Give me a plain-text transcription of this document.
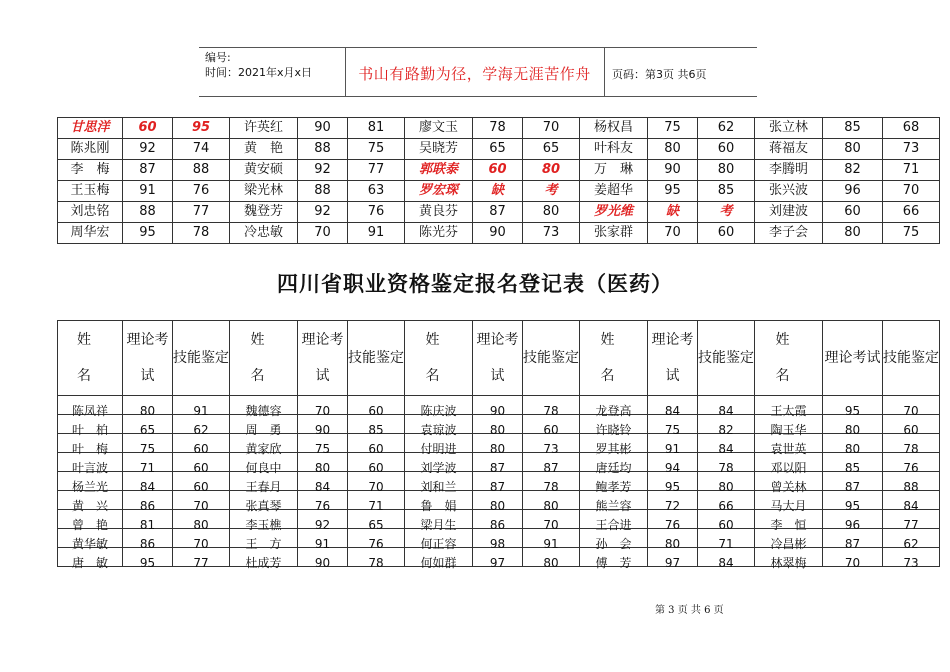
编号:
时间：2021年x月x日	书山有路勤为径，学海无涯苦作舟	页码：第3页 共6页
甘思洋	60	95	许英红	90	81	廖文玉	78	70	杨权昌	75	62	张立林	85	68
陈兆刚	92	74	黄　艳	88	75	吴晓芳	65	65	叶科友	80	60	蒋福友	80	73
李　梅	87	88	黄安硕	92	77	郭联泰	60	80	万　琳	90	80	李腾明	82	71
王玉梅	91	76	梁光林	88	63	罗宏琛	缺	考	姜超华	95	85	张兴波	96	70
刘忠铭	88	77	魏登芳	92	76	黄良芬	87	80	罗光维	缺	考	刘建波	60	66
周华宏	95	78	冷忠敏	70	91	陈光芬	90	73	张家群	70	60	李子会	80	75
四川省职业资格鉴定报名登记表（医药）
姓　名	理论考试	技能鉴定	姓　名	理论考试	技能鉴定	姓　名	理论考试	技能鉴定	姓　名	理论考试	技能鉴定	姓　名	理论考试	技能鉴定

陈凤祥	80	91	魏德容	70	60	陈庆波	90	78	龙登高	84	84	王太霞	95	70

叶　柏	65	62	周　勇	90	85	袁琼波	80	60	许晓铃	75	82	陶玉华	80	60

叶　梅	75	60	黄家欣	75	60	付明进	80	73	罗其彬	91	84	袁世英	80	78

叶言波	71	60	何良中	80	60	刘学波	87	87	唐廷均	94	78	邓以阳	85	76

杨兰光	84	60	王春月	84	70	刘和兰	87	78	鲍孝芳	95	80	曾关林	87	88

黄　兴	86	70	张真琴	76	71	鲁　娟	80	80	熊兰容	72	66	马大月	95	84

曾　艳	81	80	李玉樵	92	65	梁月生	86	70	王合进	76	60	李　恒	96	77

黄华敏	86	70	王　方	91	76	何正容	98	91	孙　会	80	71	冷昌彬	87	62

唐　敏	95	77	杜成芳	90	78	何如群	97	80	傅　芳	97	84	林翠梅	70	73
第 3 页 共 6 页
